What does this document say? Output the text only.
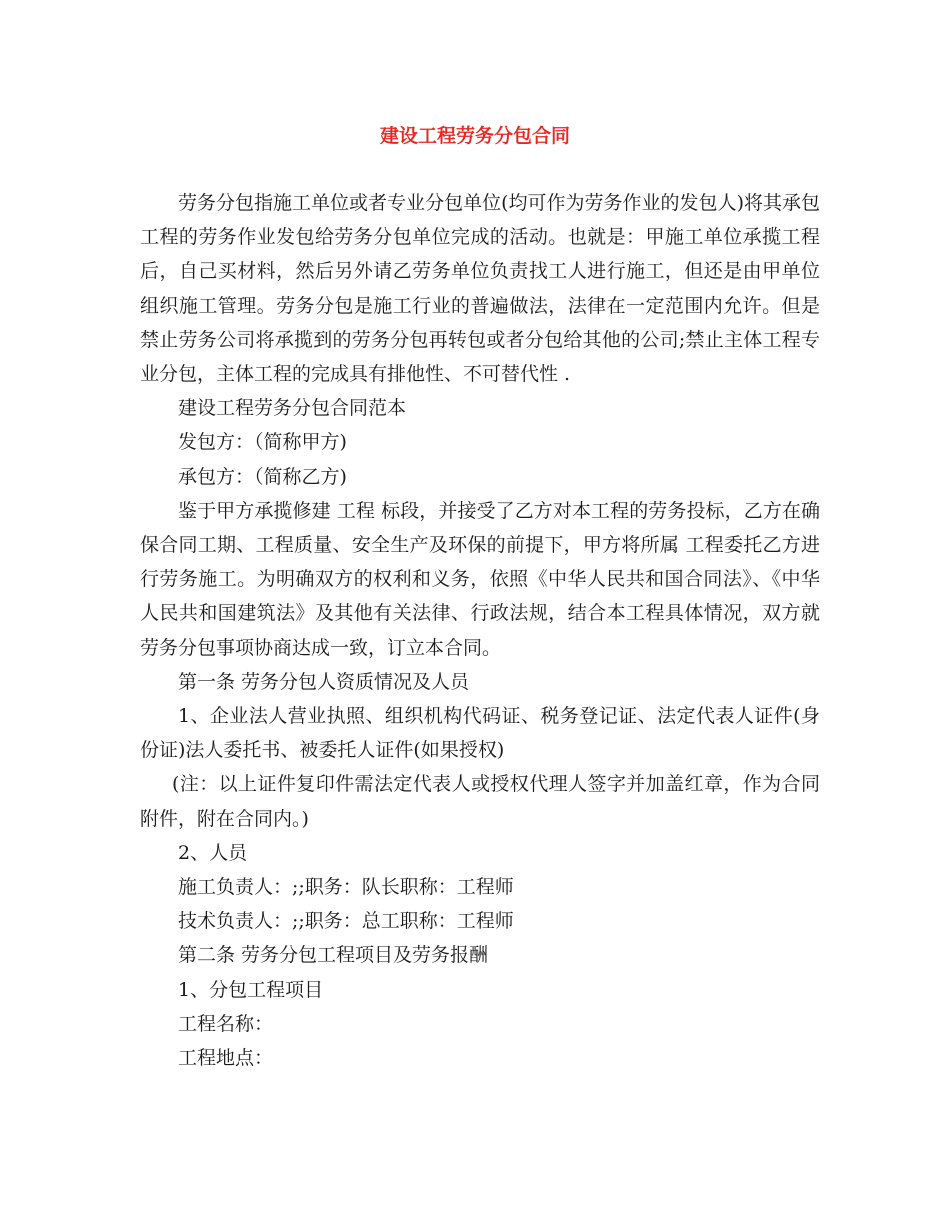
建设工程劳务分包合同

劳务分包指施工单位或者专业分包单位(均可作为劳务作业的发包人)将其承包工程的劳务作业发包给劳务分包单位完成的活动。也就是：甲施工单位承揽工程后，自己买材料，然后另外请乙劳务单位负责找工人进行施工，但还是由甲单位组织施工管理。劳务分包是施工行业的普遍做法，法律在一定范围内允许。但是禁止劳务公司将承揽到的劳务分包再转包或者分包给其他的公司;禁止主体工程专业分包，主体工程的完成具有排他性、不可替代性 .

建设工程劳务分包合同范本

发包方：（简称甲方)

承包方：（简称乙方)

鉴于甲方承揽修建 工程 标段，并接受了乙方对本工程的劳务投标，乙方在确保合同工期、工程质量、安全生产及环保的前提下，甲方将所属 工程委托乙方进行劳务施工。为明确双方的权利和义务，依照《中华人民共和国合同法》、《中华人民共和国建筑法》及其他有关法律、行政法规，结合本工程具体情况，双方就劳务分包事项协商达成一致，订立本合同。

第一条 劳务分包人资质情况及人员

1、企业法人营业执照、组织机构代码证、税务登记证、法定代表人证件(身份证)法人委托书、被委托人证件(如果授权)

(注：以上证件复印件需法定代表人或授权代理人签字并加盖红章，作为合同附件，附在合同内。)

2、人员

施工负责人：;;职务：队长职称：工程师

技术负责人：;;职务：总工职称：工程师

第二条 劳务分包工程项目及劳务报酬

1、分包工程项目

工程名称：

工程地点：
